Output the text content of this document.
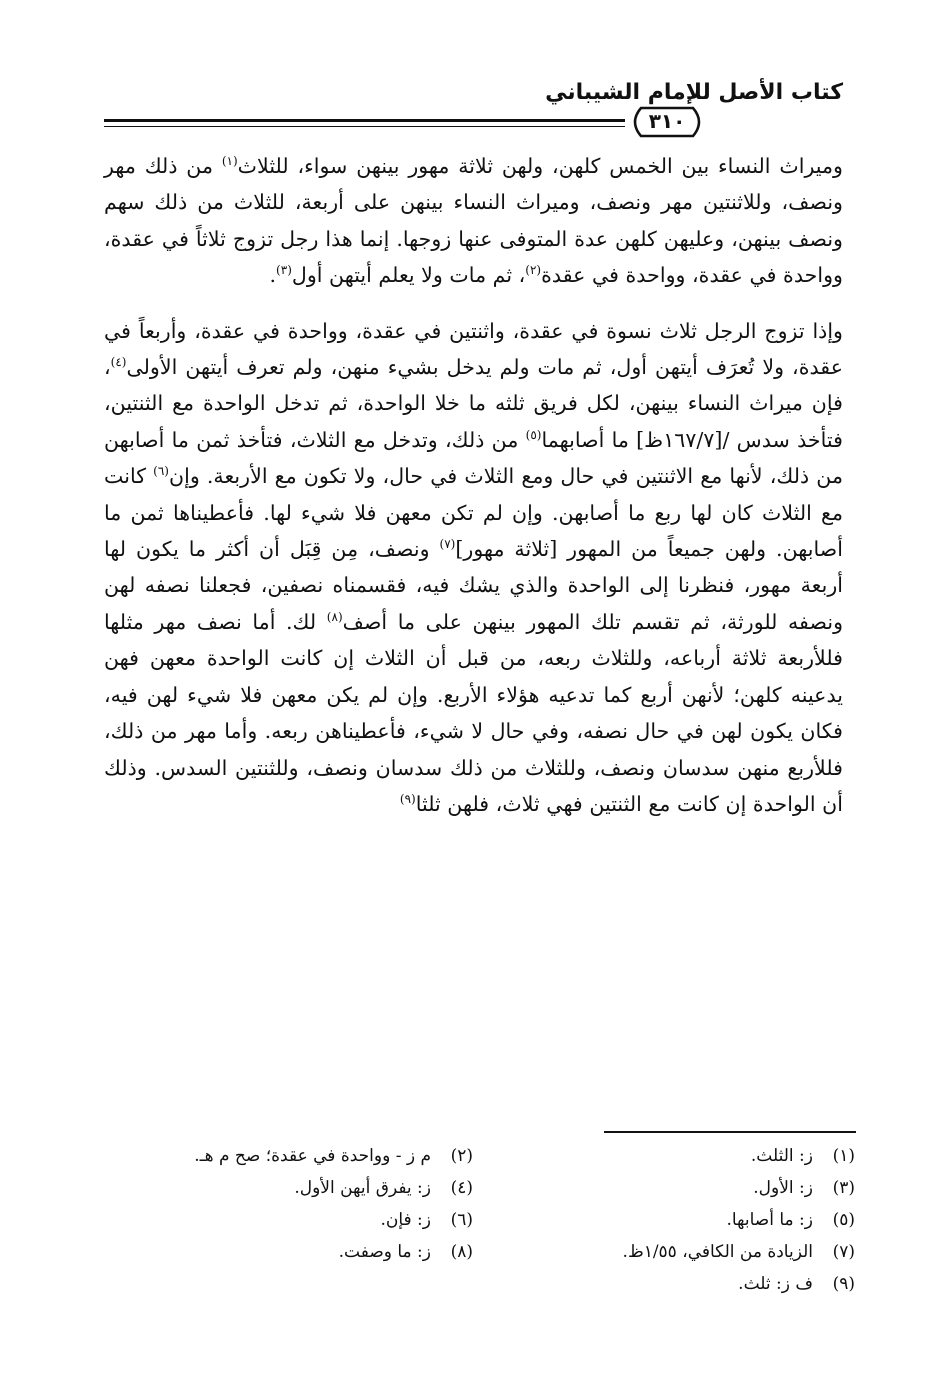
كتاب الأصل للإمام الشيباني
٣١٠

وميراث النساء بين الخمس كلهن، ولهن ثلاثة مهور بينهن سواء، للثلاث$^{(١)}$ من ذلك مهر ونصف، وللاثنتين مهر ونصف، وميراث النساء بينهن على أربعة، للثلاث من ذلك سهم ونصف بينهن، وعليهن كلهن عدة المتوفى عنها زوجها. إنما هذا رجل تزوج ثلاثاً في عقدة، وواحدة في عقدة، وواحدة في عقدة$^{(٢)}$، ثم مات ولا يعلم أيتهن أول$^{(٣)}$.

وإذا تزوج الرجل ثلاث نسوة في عقدة، واثنتين في عقدة، وواحدة في عقدة، وأربعاً في عقدة، ولا تُعرَف أيتهن أول، ثم مات ولم يدخل بشيء منهن، ولم تعرف أيتهن الأولى$^{(٤)}$، فإن ميراث النساء بينهن، لكل فريق ثلثه ما خلا الواحدة، ثم تدخل الواحدة مع الثنتين، فتأخذ سدس /[١٦٧/٧ظ] ما أصابهما$^{(٥)}$ من ذلك، وتدخل مع الثلاث، فتأخذ ثمن ما أصابهن من ذلك، لأنها مع الاثنتين في حال ومع الثلاث في حال، ولا تكون مع الأربعة. وإن$^{(٦)}$ كانت مع الثلاث كان لها ربع ما أصابهن. وإن لم تكن معهن فلا شيء لها. فأعطيناها ثمن ما أصابهن. ولهن جميعاً من المهور [ثلاثة مهور]$^{(٧)}$ ونصف، مِن قِبَل أن أكثر ما يكون لها أربعة مهور، فنظرنا إلى الواحدة والذي يشك فيه، فقسمناه نصفين، فجعلنا نصفه لهن ونصفه للورثة، ثم تقسم تلك المهور بينهن على ما أصف$^{(٨)}$ لك. أما نصف مهر مثلها فللأربعة ثلاثة أرباعه، وللثلاث ربعه، من قبل أن الثلاث إن كانت الواحدة معهن فهن يدعينه كلهن؛ لأنهن أربع كما تدعيه هؤلاء الأربع. وإن لم يكن معهن فلا شيء لهن فيه، فكان يكون لهن في حال نصفه، وفي حال لا شيء، فأعطيناهن ربعه. وأما مهر من ذلك، فللأربع منهن سدسان ونصف، وللثلاث من ذلك سدسان ونصف، وللثنتين السدس. وذلك أن الواحدة إن كانت مع الثنتين فهي ثلاث، فلهن ثلثا$^{(٩)}$

(١)ز: الثلث.
(٢)م ز - وواحدة في عقدة؛ صح م هـ.
(٣)ز: الأول.
(٤)ز: يفرق أيهن الأول.
(٥)ز: ما أصابها.
(٦)ز: فإن.
(٧)الزيادة من الكافي، ١/٥٥ظ.
(٨)ز: ما وصفت.
(٩)ف ز: ثلث.
